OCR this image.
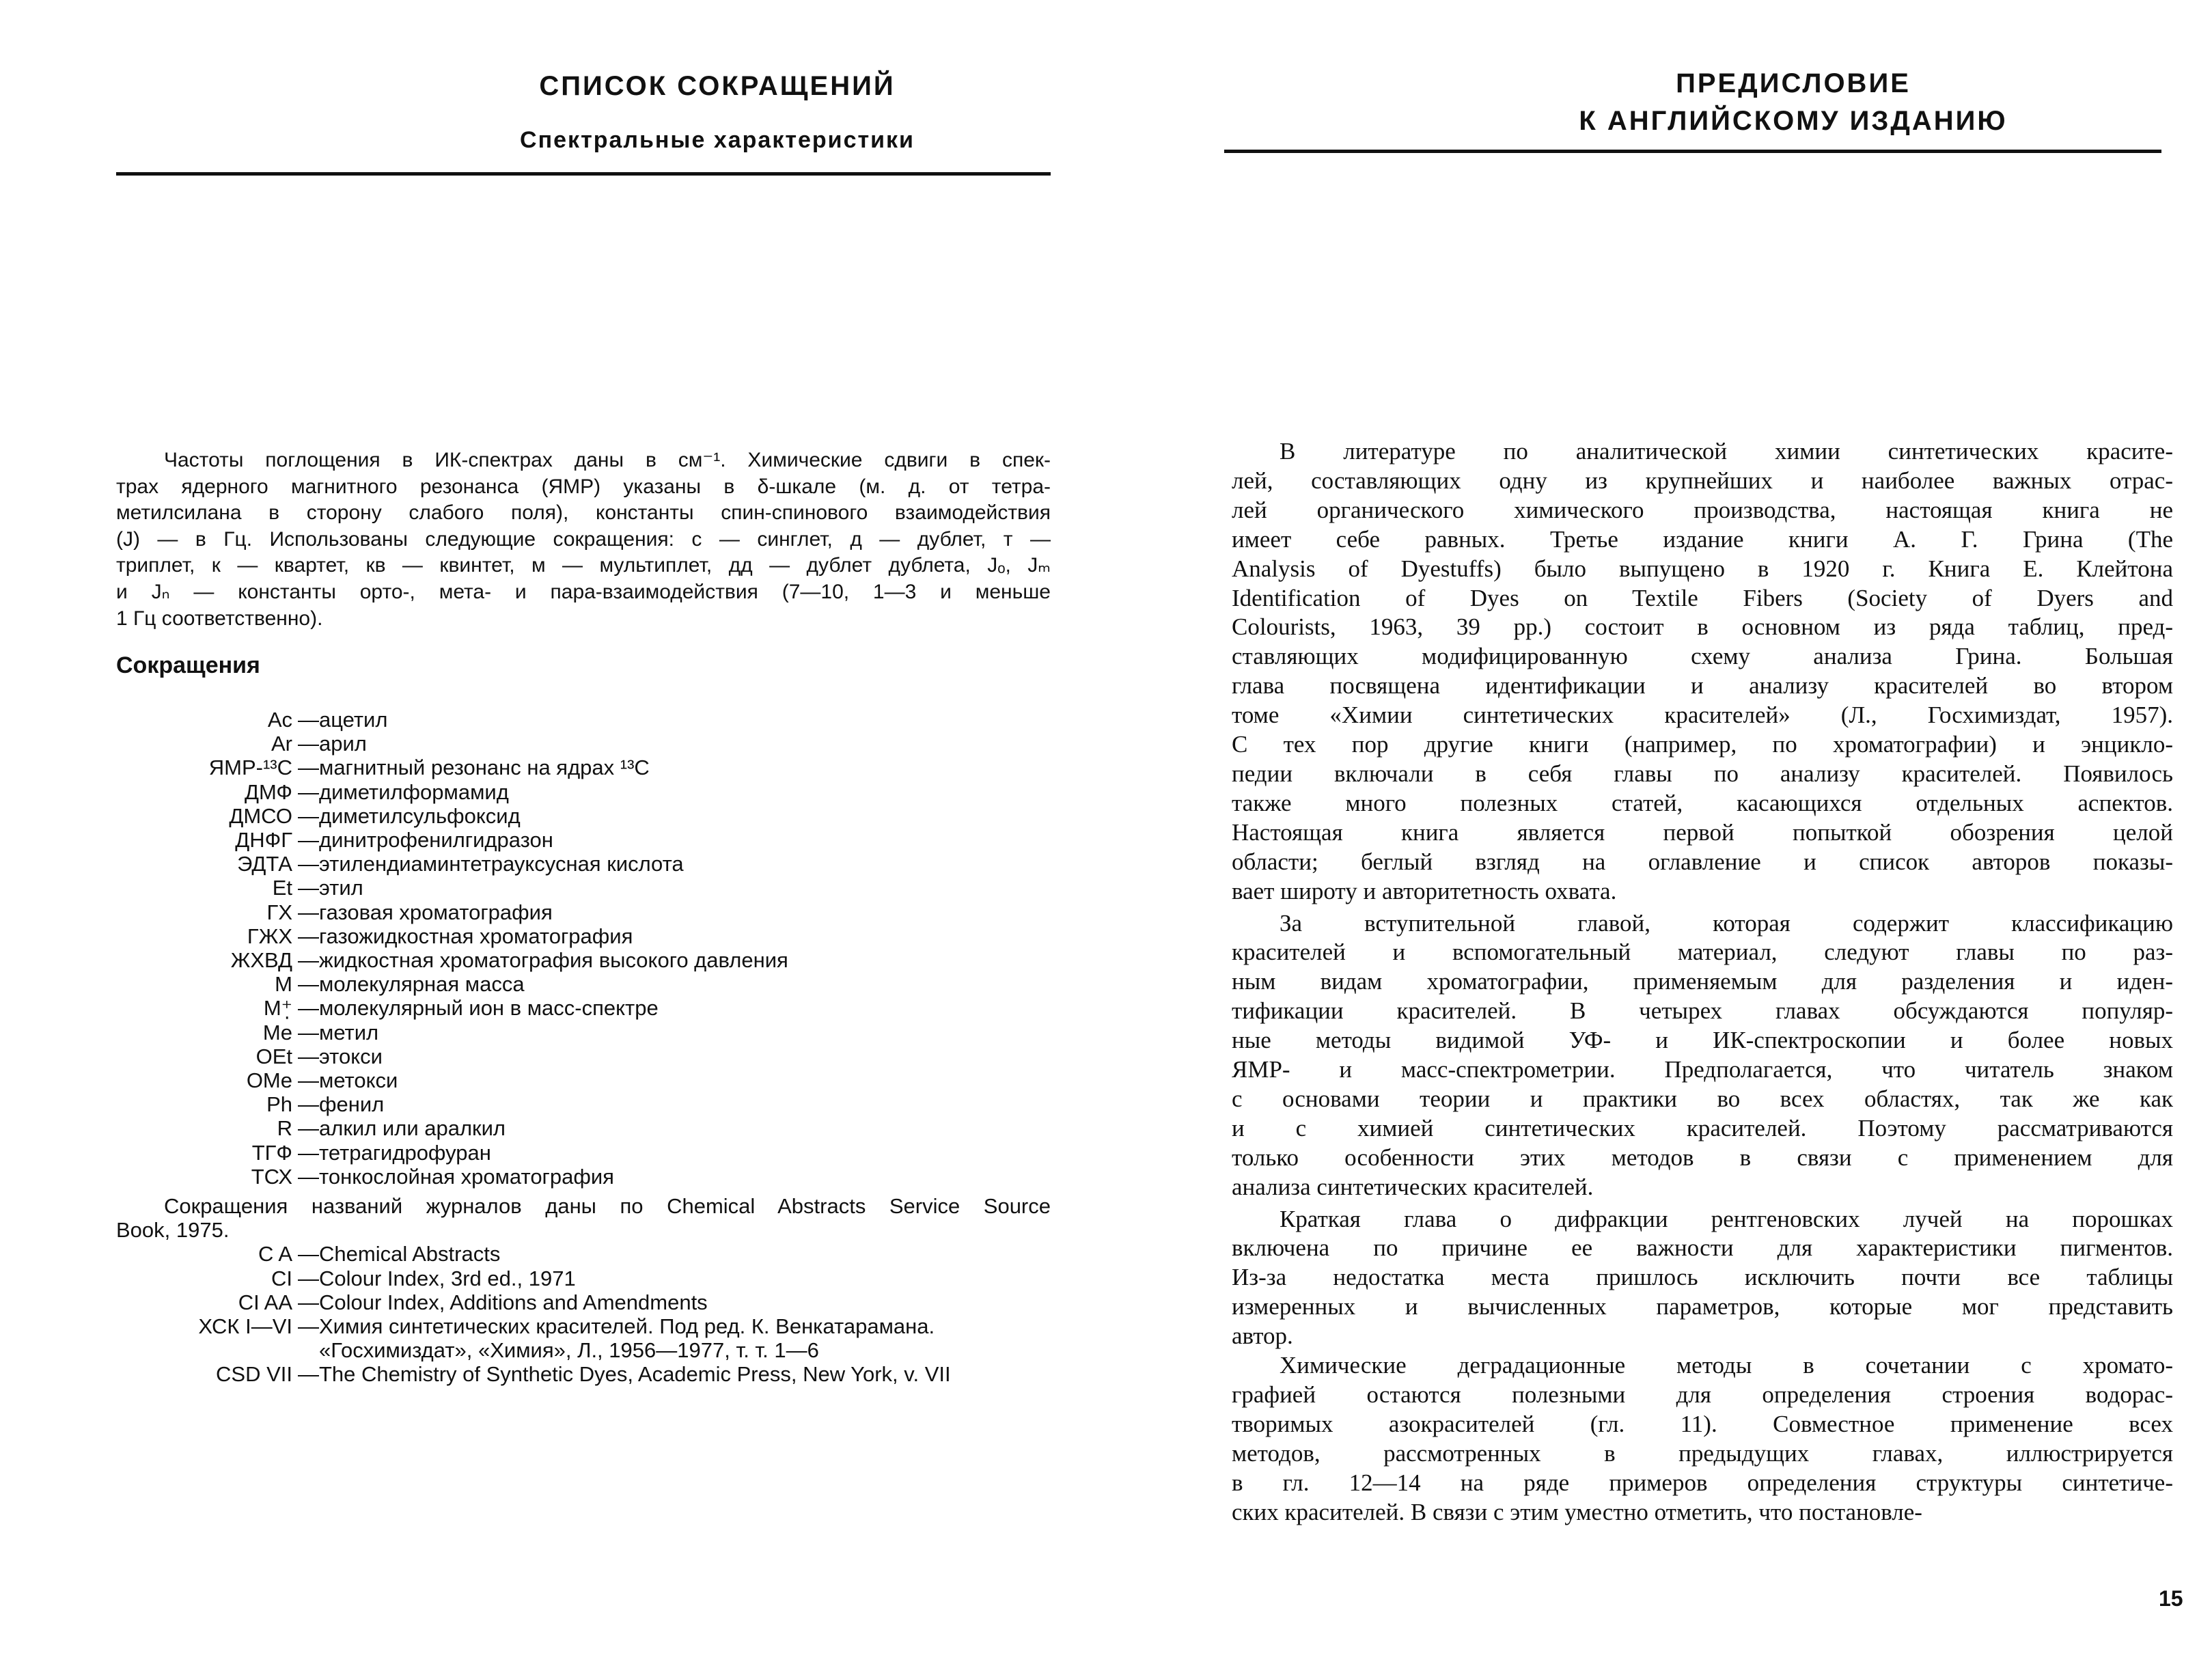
СПИСОК СОКРАЩЕНИЙ
Спектральные характеристики
Частоты поглощения в ИК-спектрах даны в см⁻¹. Химические сдвиги в спек-
трах ядерного магнитного резонанса (ЯМР) указаны в δ-шкале (м. д. от тетра-
метилсилана в сторону слабого поля), константы спин-спинового взаимодействия
(J) — в Гц. Использованы следующие сокращения: с — синглет, д — дублет, т —
триплет, к — квартет, кв — квинтет, м — мультиплет, дд — дублет дублета, Jₒ, Jₘ
и Jₙ — константы орто-, мета- и пара-взаимодействия (7—10, 1—3 и меньше
1 Гц соответственно).
Сокращения
Ac — ацетил
Ar — арил
ЯМР-¹³C — магнитный резонанс на ядрах ¹³C
ДМФ — диметилформамид
ДМСО — диметилсульфоксид
ДНФГ — динитрофенилгидразон
ЭДТА — этилендиаминтетрауксусная кислота
Et — этил
ГХ — газовая хроматография
ГЖХ — газожидкостная хроматография
ЖХВД — жидкостная хроматография высокого давления
M — молекулярная масса
M⁺̣ — молекулярный ион в масс-спектре
Me — метил
OEt — этокси
OMe — метокси
Ph — фенил
R — алкил или аралкил
ТГФ — тетрагидрофуран
ТСХ — тонкослойная хроматография
Сокращения названий журналов даны по Chemical Abstracts Service Source
Book, 1975.
C A — Chemical Abstracts
CI — Colour Index, 3rd ed., 1971
CI AA — Colour Index, Additions and Amendments
ХСК I—VI — Химия синтетических красителей. Под ред. К. Венкатарамана. «Госхимиздат», «Химия», Л., 1956—1977, т. т. 1—6
CSD VII — The Chemistry of Synthetic Dyes, Academic Press, New York, v. VII
ПРЕДИСЛОВИЕ
К АНГЛИЙСКОМУ ИЗДАНИЮ
В литературе по аналитической химии синтетических красите-
лей, составляющих одну из крупнейших и наиболее важных отрас-
лей органического химического производства, настоящая книга не
имеет себе равных. Третье издание книги А. Г. Грина (The
Analysis of Dyestuffs) было выпущено в 1920 г. Книга Е. Клейтона
Identification of Dyes on Textile Fibers (Society of Dyers and
Colourists, 1963, 39 pp.) состоит в основном из ряда таблиц, пред-
ставляющих модифицированную схему анализа Грина. Большая
глава посвящена идентификации и анализу красителей во втором
томе «Химии синтетических красителей» (Л., Госхимиздат, 1957).
С тех пор другие книги (например, по хроматографии) и энцикло-
педии включали в себя главы по анализу красителей. Появилось
также много полезных статей, касающихся отдельных аспектов.
Настоящая книга является первой попыткой обозрения целой
области; беглый взгляд на оглавление и список авторов показы-
вает широту и авторитетность охвата.
За вступительной главой, которая содержит классификацию
красителей и вспомогательный материал, следуют главы по раз-
ным видам хроматографии, применяемым для разделения и иден-
тификации красителей. В четырех главах обсуждаются популяр-
ные методы видимой УФ- и ИК-спектроскопии и более новых
ЯМР- и масс-спектрометрии. Предполагается, что читатель знаком
с основами теории и практики во всех областях, так же как
и с химией синтетических красителей. Поэтому рассматриваются
только особенности этих методов в связи с применением для
анализа синтетических красителей.
Краткая глава о дифракции рентгеновских лучей на порошках
включена по причине ее важности для характеристики пигментов.
Из-за недостатка места пришлось исключить почти все таблицы
измеренных и вычисленных параметров, которые мог представить
автор.
Химические деградационные методы в сочетании с хромато-
графией остаются полезными для определения строения водорас-
творимых азокрасителей (гл. 11). Совместное применение всех
методов, рассмотренных в предыдущих главах, иллюстрируется
в гл. 12—14 на ряде примеров определения структуры синтетиче-
ских красителей. В связи с этим уместно отметить, что постановле-
15
